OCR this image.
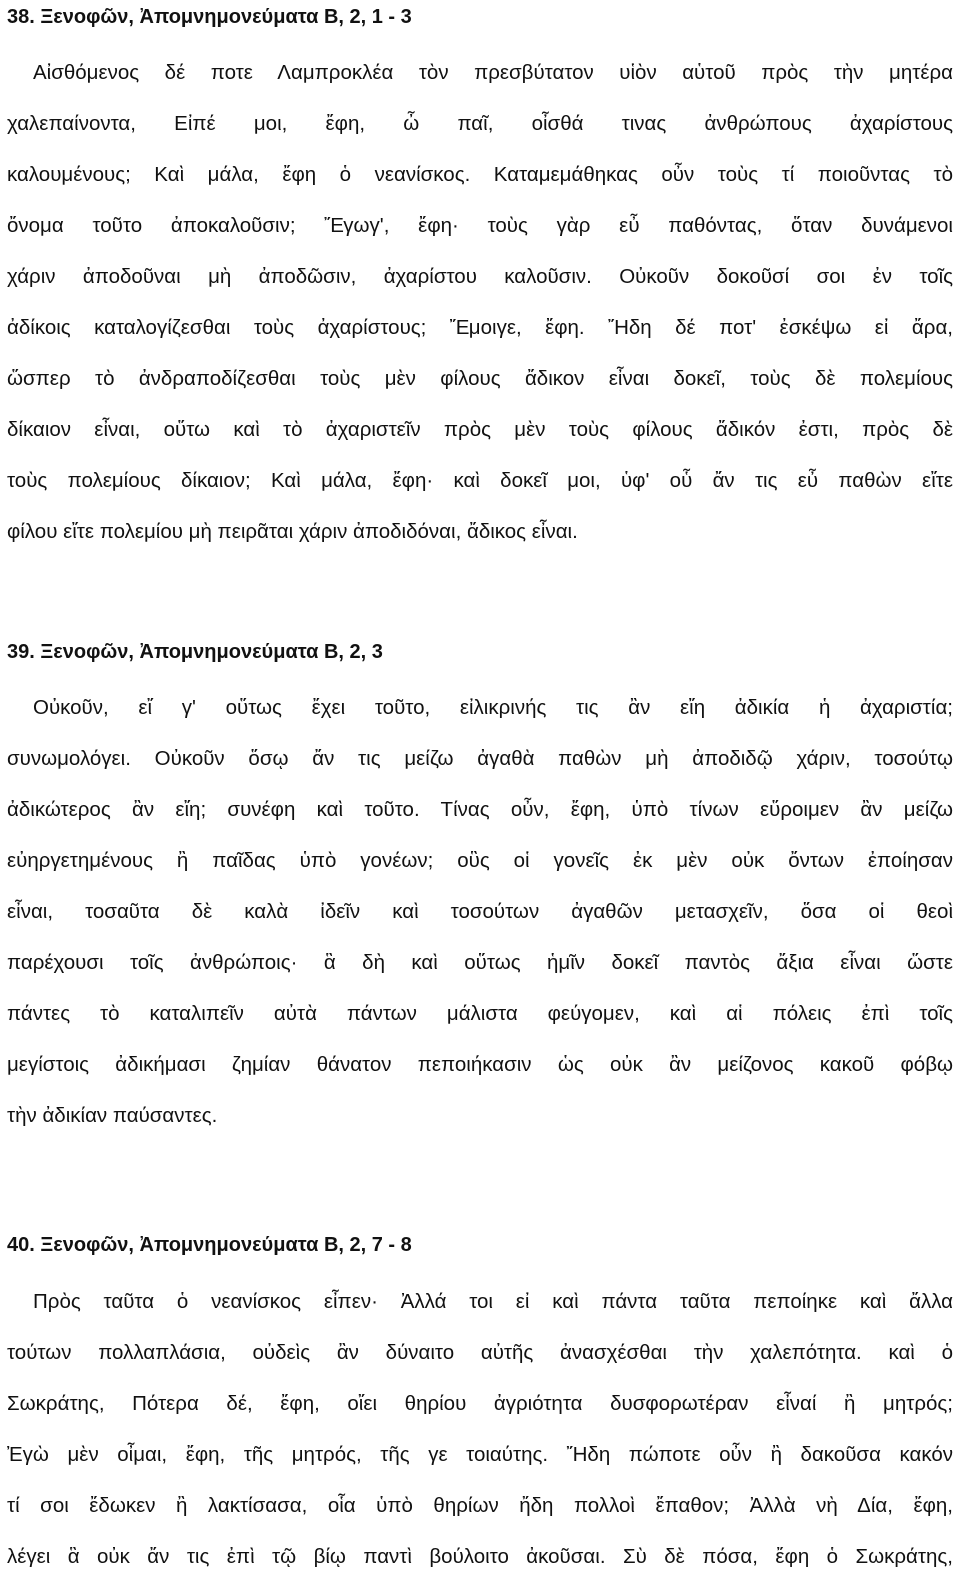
38. Ξενοφῶν, Ἀπομνημονεύματα Β, 2, 1 - 3
Αἰσθόμενος δέ ποτε Λαμπροκλέα τὸν πρεσβύτατον υἱὸν αὑτοῦ πρὸς τὴν μητέρα
χαλεπαίνοντα, Εἰπέ μοι, ἔφη, ὦ παῖ, οἶσθά τινας ἀνθρώπους ἀχαρίστους
καλουμένους; Καὶ μάλα, ἔφη ὁ νεανίσκος. Καταμεμάθηκας οὖν τοὺς τί ποιοῦντας τὸ
ὄνομα τοῦτο ἀποκαλοῦσιν; Ἔγωγ', ἔφη· τοὺς γὰρ εὖ παθόντας, ὅταν δυνάμενοι
χάριν ἀποδοῦναι μὴ ἀποδῶσιν, ἀχαρίστου καλοῦσιν. Οὐκοῦν δοκοῦσί σοι ἐν τοῖς
ἀδίκοις καταλογίζεσθαι τοὺς ἀχαρίστους; Ἔμοιγε, ἔφη. Ἤδη δέ ποτ' ἐσκέψω εἰ ἄρα,
ὥσπερ τὸ ἀνδραποδίζεσθαι τοὺς μὲν φίλους ἄδικον εἶναι δοκεῖ, τοὺς δὲ πολεμίους
δίκαιον εἶναι, οὕτω καὶ τὸ ἀχαριστεῖν πρὸς μὲν τοὺς φίλους ἄδικόν ἐστι, πρὸς δὲ
τοὺς πολεμίους δίκαιον; Καὶ μάλα, ἔφη· καὶ δοκεῖ μοι, ὑφ' οὗ ἄν τις εὖ παθὼν εἴτε
φίλου εἴτε πολεμίου μὴ πειρᾶται χάριν ἀποδιδόναι, ἄδικος εἶναι.
39. Ξενοφῶν, Ἀπομνημονεύματα Β, 2, 3
Οὐκοῦν, εἴ γ' οὕτως ἔχει τοῦτο, εἰλικρινής τις ἂν εἴη ἀδικία ἡ ἀχαριστία;
συνωμολόγει. Οὐκοῦν ὅσῳ ἄν τις μείζω ἀγαθὰ παθὼν μὴ ἀποδιδῷ χάριν, τοσούτῳ
ἀδικώτερος ἂν εἴη; συνέφη καὶ τοῦτο. Τίνας οὖν, ἔφη, ὑπὸ τίνων εὕροιμεν ἂν μείζω
εὐηργετημένους ἢ παῖδας ὑπὸ γονέων; οὓς οἱ γονεῖς ἐκ μὲν οὐκ ὄντων ἐποίησαν
εἶναι, τοσαῦτα δὲ καλὰ ἰδεῖν καὶ τοσούτων ἀγαθῶν μετασχεῖν, ὅσα οἱ θεοὶ
παρέχουσι τοῖς ἀνθρώποις· ἃ δὴ καὶ οὕτως ἡμῖν δοκεῖ παντὸς ἄξια εἶναι ὥστε
πάντες τὸ καταλιπεῖν αὐτὰ πάντων μάλιστα φεύγομεν, καὶ αἱ πόλεις ἐπὶ τοῖς
μεγίστοις ἀδικήμασι ζημίαν θάνατον πεποιήκασιν ὡς οὐκ ἂν μείζονος κακοῦ φόβῳ
τὴν ἀδικίαν παύσαντες.
40. Ξενοφῶν, Ἀπομνημονεύματα Β, 2, 7 - 8
Πρὸς ταῦτα ὁ νεανίσκος εἶπεν· Ἀλλά τοι εἰ καὶ πάντα ταῦτα πεποίηκε καὶ ἄλλα
τούτων πολλαπλάσια, οὐδεὶς ἂν δύναιτο αὐτῆς ἀνασχέσθαι τὴν χαλεπότητα. καὶ ὁ
Σωκράτης, Πότερα δέ, ἔφη, οἴει θηρίου ἀγριότητα δυσφορωτέραν εἶναί ἢ μητρός;
Ἐγὼ μὲν οἶμαι, ἔφη, τῆς μητρός, τῆς γε τοιαύτης. Ἤδη πώποτε οὖν ἢ δακοῦσα κακόν
τί σοι ἔδωκεν ἢ λακτίσασα, οἷα ὑπὸ θηρίων ἤδη πολλοὶ ἔπαθον; Ἀλλὰ νὴ Δία, ἔφη,
λέγει ἃ οὐκ ἄν τις ἐπὶ τῷ βίῳ παντὶ βούλοιτο ἀκοῦσαι. Σὺ δὲ πόσα, ἔφη ὁ Σωκράτης,
